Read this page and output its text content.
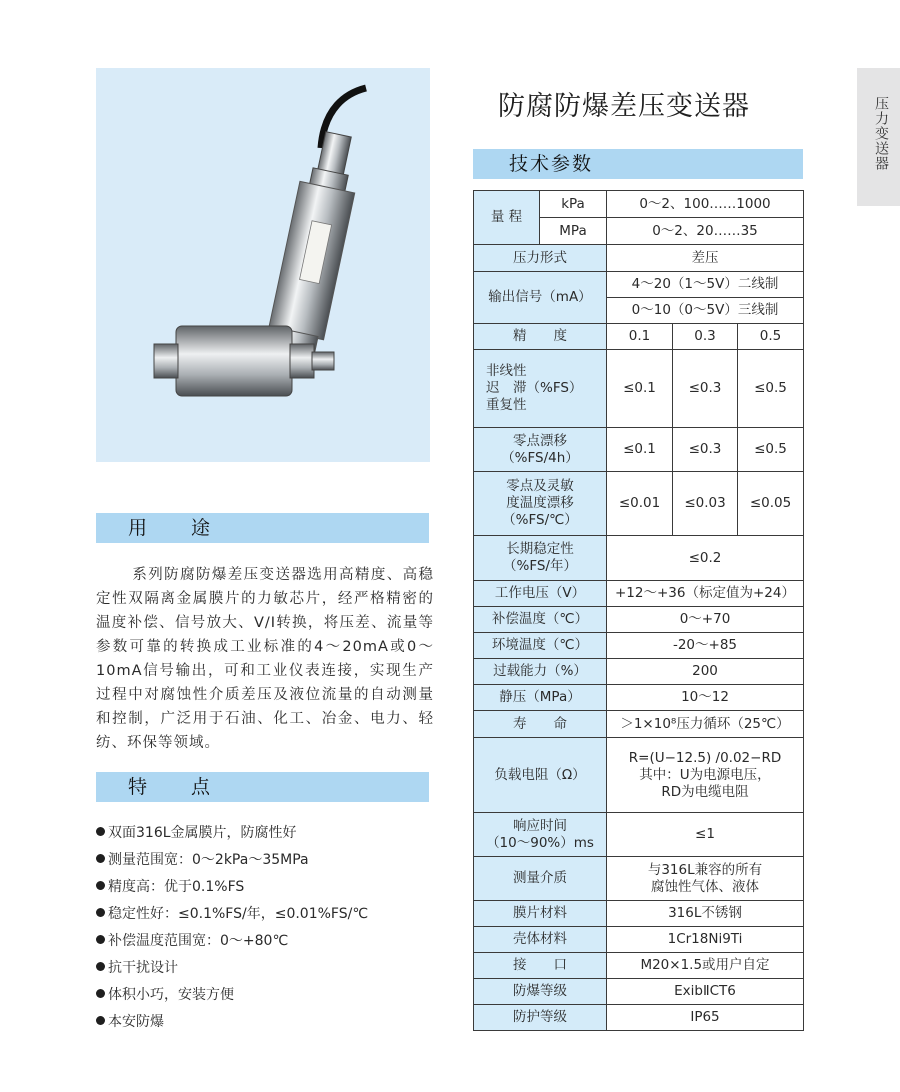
压力变送器
防腐防爆差压变送器
技术参数
用途
系列防腐防爆差压变送器选用高精度、高稳定性双隔离金属膜片的力敏芯片，经严格精密的温度补偿、信号放大、V/I转换，将压差、流量等参数可靠的转换成工业标准的4～20mA或0～10mA信号输出，可和工业仪表连接，实现生产过程中对腐蚀性介质差压及液位流量的自动测量和控制，广泛用于石油、化工、冶金、电力、轻纺、环保等领域。
特点
双面316L金属膜片，防腐性好
测量范围宽：0～2kPa～35MPa
精度高：优于0.1%FS
稳定性好：≤0.1%FS/年，≤0.01%FS/℃
补偿温度范围宽：0～+80℃
抗干扰设计
体积小巧，安装方便
本安防爆
量 程	kPa	0～2、100……1000		
	MPa	0～2、20……35		
压力形式		差压		
输出信号（mA）		4～20（1～5V）二线制		
		0～10（0～5V）三线制		
精　　度		0.1	0.3	0.5

非线性
迟　滞（%FS）
重复性		≤0.1	≤0.3	≤0.5

零点漂移
（%FS/4h）		≤0.1	≤0.3	≤0.5

零点及灵敏
度温度漂移
（%FS/℃）		≤0.01	≤0.03	≤0.05

长期稳定性
（%FS/年）		≤0.2		
工作电压（V）		+12～+36（标定值为+24）		
补偿温度（℃）		0～+70		
环境温度（℃）		-20～+85		
过载能力（%）		200		
静压（MPa）		10～12		
寿　　命		＞1×10⁸压力循环（25℃）		
负载电阻（Ω）		R=(U−12.5) /0.02−RD
其中：U为电源电压，
RD为电缆电阻		

响应时间
（10～90%）ms		≤1		
测量介质		与316L兼容的所有
腐蚀性气体、液体		

膜片材料		316L不锈钢		
壳体材料		1Cr18Ni9Ti		
接　　口		M20×1.5或用户自定		
防爆等级		ExibⅡCT6		
防护等级		IP65		
